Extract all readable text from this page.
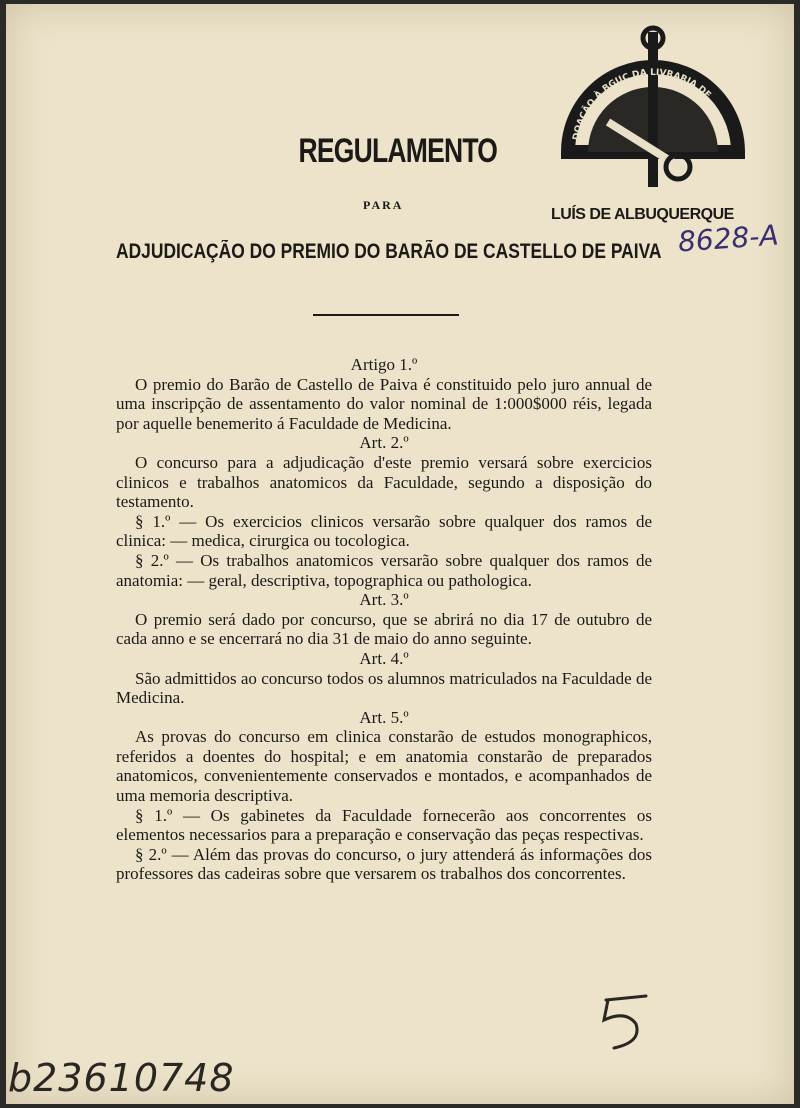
DOAÇÃO À BGUC DA LIVRARIA DE
LUÍS DE ALBUQUERQUE
8628-A
REGULAMENTO
PARA
ADJUDICAÇÃO DO PREMIO DO BARÃO DE CASTELLO DE PAIVA
Artigo 1.º

O premio do Barão de Castello de Paiva é constituido pelo juro annual de uma inscripção de assentamento do valor nominal de 1:000$000 réis, legada por aquelle benemerito á Faculdade de Medicina.

Art. 2.º

O concurso para a adjudicação d'este premio versará sobre exercicios clinicos e trabalhos anatomicos da Faculdade, segundo a disposição do testamento.

§ 1.º — Os exercicios clinicos versarão sobre qualquer dos ramos de clinica: — medica, cirurgica ou tocologica.

§ 2.º — Os trabalhos anatomicos versarão sobre qualquer dos ramos de anatomia: — geral, descriptiva, topographica ou pathologica.

Art. 3.º

O premio será dado por concurso, que se abrirá no dia 17 de outubro de cada anno e se encerrará no dia 31 de maio do anno seguinte.

Art. 4.º

São admittidos ao concurso todos os alumnos matriculados na Faculdade de Medicina.

Art. 5.º

As provas do concurso em clinica constarão de estudos monographicos, referidos a doentes do hospital; e em anatomia constarão de preparados anatomicos, convenientemente conservados e montados, e acompanhados de uma memoria descriptiva.

§ 1.º — Os gabinetes da Faculdade fornecerão aos concorrentes os elementos necessarios para a preparação e conservação das peças respectivas.

§ 2.º — Além das provas do concurso, o jury attenderá ás informações dos professores das cadeiras sobre que versarem os trabalhos dos concorrentes.

5
b23610748
